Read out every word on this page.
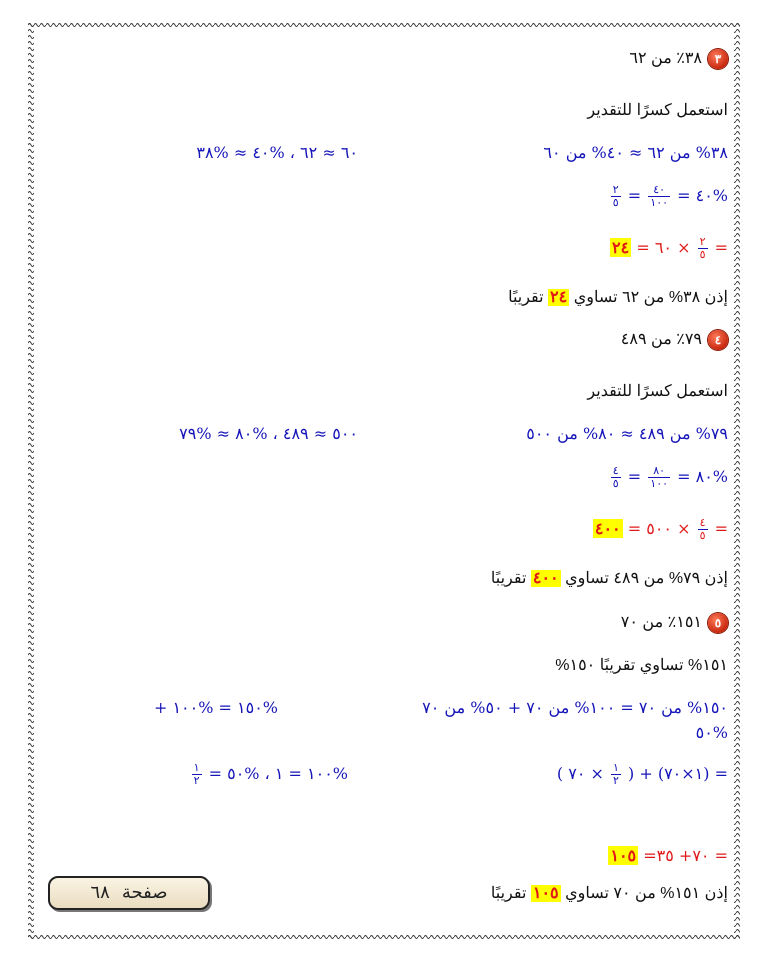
٣٣٨٪ من ٦٢
استعمل كسرًا للتقدير
٣٨% من ٦٢ ≈ ٤٠% من ٦٠
٦٠ ≈ ٦٢ ، %٤٠ ≈ %٣٨
%٤٠ =
$\frac{٤٠}{١٠٠}$
=
$\frac{٢}{٥}$
=
$\frac{٢}{٥}$
× ٦٠ = ٢٤
إذن ٣٨% من ٦٢ تساوي ٢٤ تقريبًا
٤٧٩٪ من ٤٨٩
استعمل كسرًا للتقدير
٧٩% من ٤٨٩ ≈ ٨٠% من ٥٠٠
٥٠٠ ≈ ٤٨٩ ، %٨٠ ≈ %٧٩
%٨٠ =
$\frac{٨٠}{١٠٠}$
=
$\frac{٤}{٥}$
=
$\frac{٤}{٥}$
× ٥٠٠ = ٤٠٠
إذن ٧٩% من ٤٨٩ تساوي ٤٠٠ تقريبًا
٥١٥١٪ من ٧٠
١٥١% تساوي تقريبًا ١٥٠%
١٥٠% من ٧٠ = ١٠٠% من ٧٠ + ٥٠% من ٧٠
%١٥٠ = %١٠٠ +
%٥٠
= (١×٧٠) + (
$\frac{١}{٢}$
× ٧٠ )
%١٠٠ = ١ ، %٥٠ =
$\frac{١}{٢}$
= ٧٠+ ٣٥= ١٠٥
إذن ١٥١% من ٧٠ تساوي ١٠٥ تقريبًا
صفحة٦٨
